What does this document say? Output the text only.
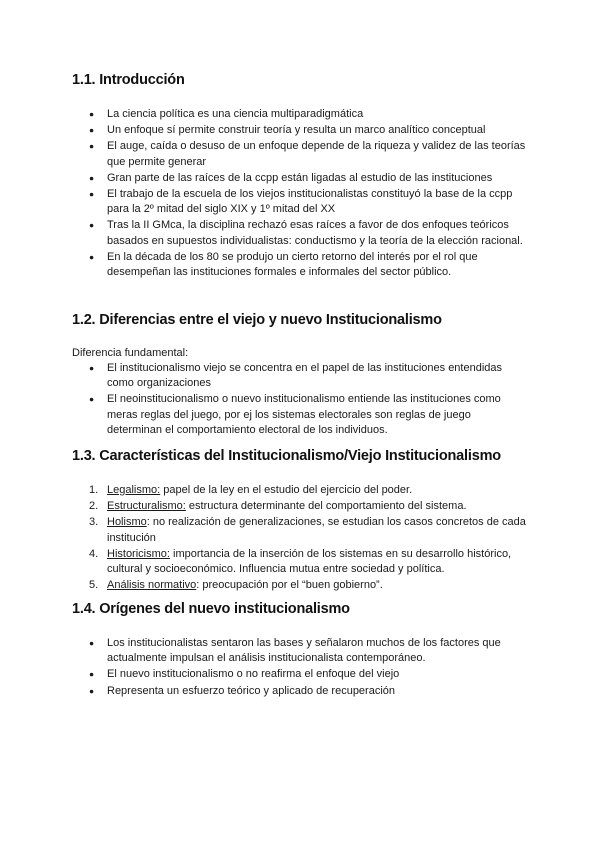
1.1. Introducción
● La ciencia política es una ciencia multiparadigmática
● Un enfoque sí permite construir teoría y resulta un marco analítico conceptual
● El auge, caída o desuso de un enfoque depende de la riqueza y validez de las teorías que permite generar
● Gran parte de las raíces de la ccpp están ligadas al estudio de las instituciones
● El trabajo de la escuela de los viejos institucionalistas constituyó la base de la ccpp para la 2º mitad del siglo XIX y 1º mitad del XX
● Tras la II GMca, la disciplina rechazó esas raíces a favor de dos enfoques teóricos basados en supuestos individualistas: conductismo y la teoría de la elección racional.
● En la década de los 80 se produjo un cierto retorno del interés por el rol que desempeñan las instituciones formales e informales del sector público.
1.2. Diferencias entre el viejo y nuevo Institucionalismo
Diferencia fundamental:
● El institucionalismo viejo se concentra en el papel de las instituciones entendidas como organizaciones
● El neoinstitucionalismo o nuevo institucionalismo entiende las instituciones como meras reglas del juego, por ej los sistemas electorales son reglas de juego determinan el comportamiento electoral de los individuos.
1.3. Características del Institucionalismo/Viejo Institucionalismo
1. Legalismo: papel de la ley en el estudio del ejercicio del poder.
2. Estructuralismo: estructura determinante del comportamiento del sistema.
3. Holismo: no realización de generalizaciones, se estudian los casos concretos de cada institución
4. Historicismo: importancia de la inserción de los sistemas en su desarrollo histórico, cultural y socioeconómico. Influencia mutua entre sociedad y política.
5. Análisis normativo: preocupación por el “buen gobierno”.
1.4. Orígenes del nuevo institucionalismo
● Los institucionalistas sentaron las bases y señalaron muchos de los factores que actualmente impulsan el análisis institucionalista contemporáneo.
● El nuevo institucionalismo o no reafirma el enfoque del viejo
● Representa un esfuerzo teórico y aplicado de recuperación
